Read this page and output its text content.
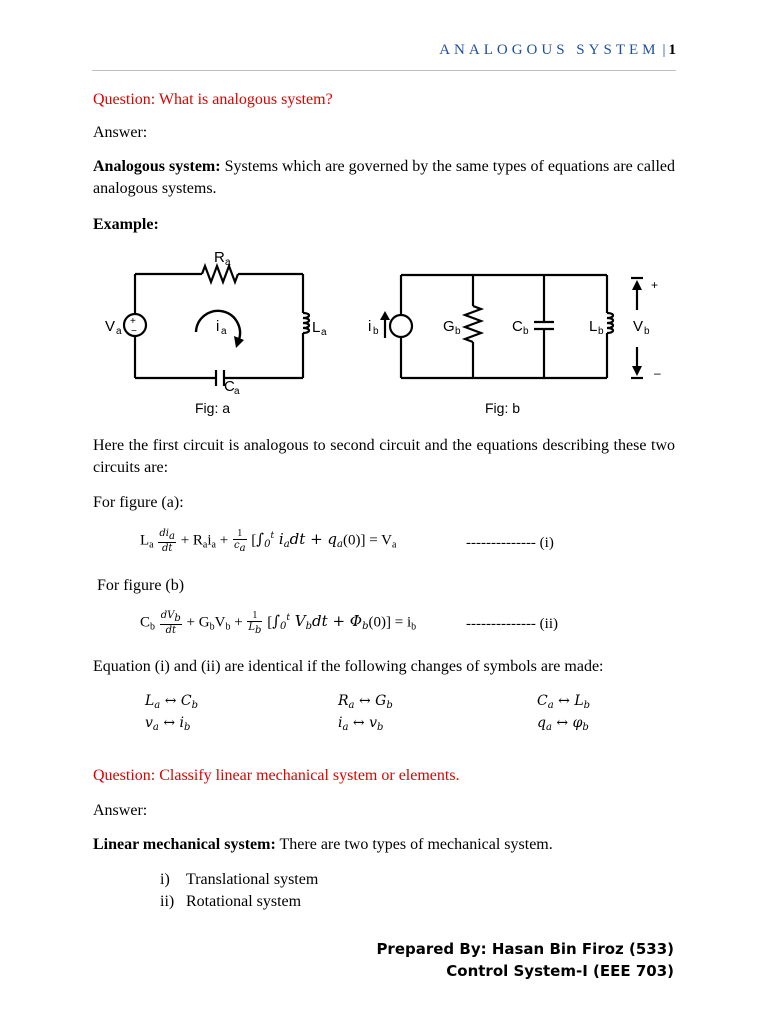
ANALOGOUS SYSTEM | 1
Question: What is analogous system?
Answer:
Analogous system: Systems which are governed by the same types of equations are called analogous systems.
Example:
R a
L a
C a
V a
+
−	i a
Fig: a
i b	G b	C b	L b V b
+
–
Fig: b
Here the first circuit is analogous to second circuit and the equations describing these two circuits are:
For figure (a):
$L_a \frac{\text{dia}}{dt} + R_ai_a + \frac{1}{ca} [\int_0^t$ $i_adt + q_a(0)] = V_a$	-------------- (i)
For figure (b)
$C_b \frac{\text{dVb}}{dt} + G_bV_b + \frac{1}{Lb} [\int_0^t$ $V_bdt + \Phi_b(0)] = i_b$	-------------- (ii)
Equation (i) and (ii) are identical if the following changes of symbols are made:
$L_a$ ↔ $C_b$	$R_a$ ↔ $G_b$	$C_a$ ↔ $L_b$
$v_a$ ↔ $i_b$	$i_a$ ↔ $v_b$	$q_a$ ↔ $\varphi_b$
Question: Classify linear mechanical system or elements.
Answer:
Linear mechanical system: There are two types of mechanical system.
i) Translational system
ii) Rotational system
Prepared By: Hasan Bin Firoz (533)
Control System-I (EEE 703)
